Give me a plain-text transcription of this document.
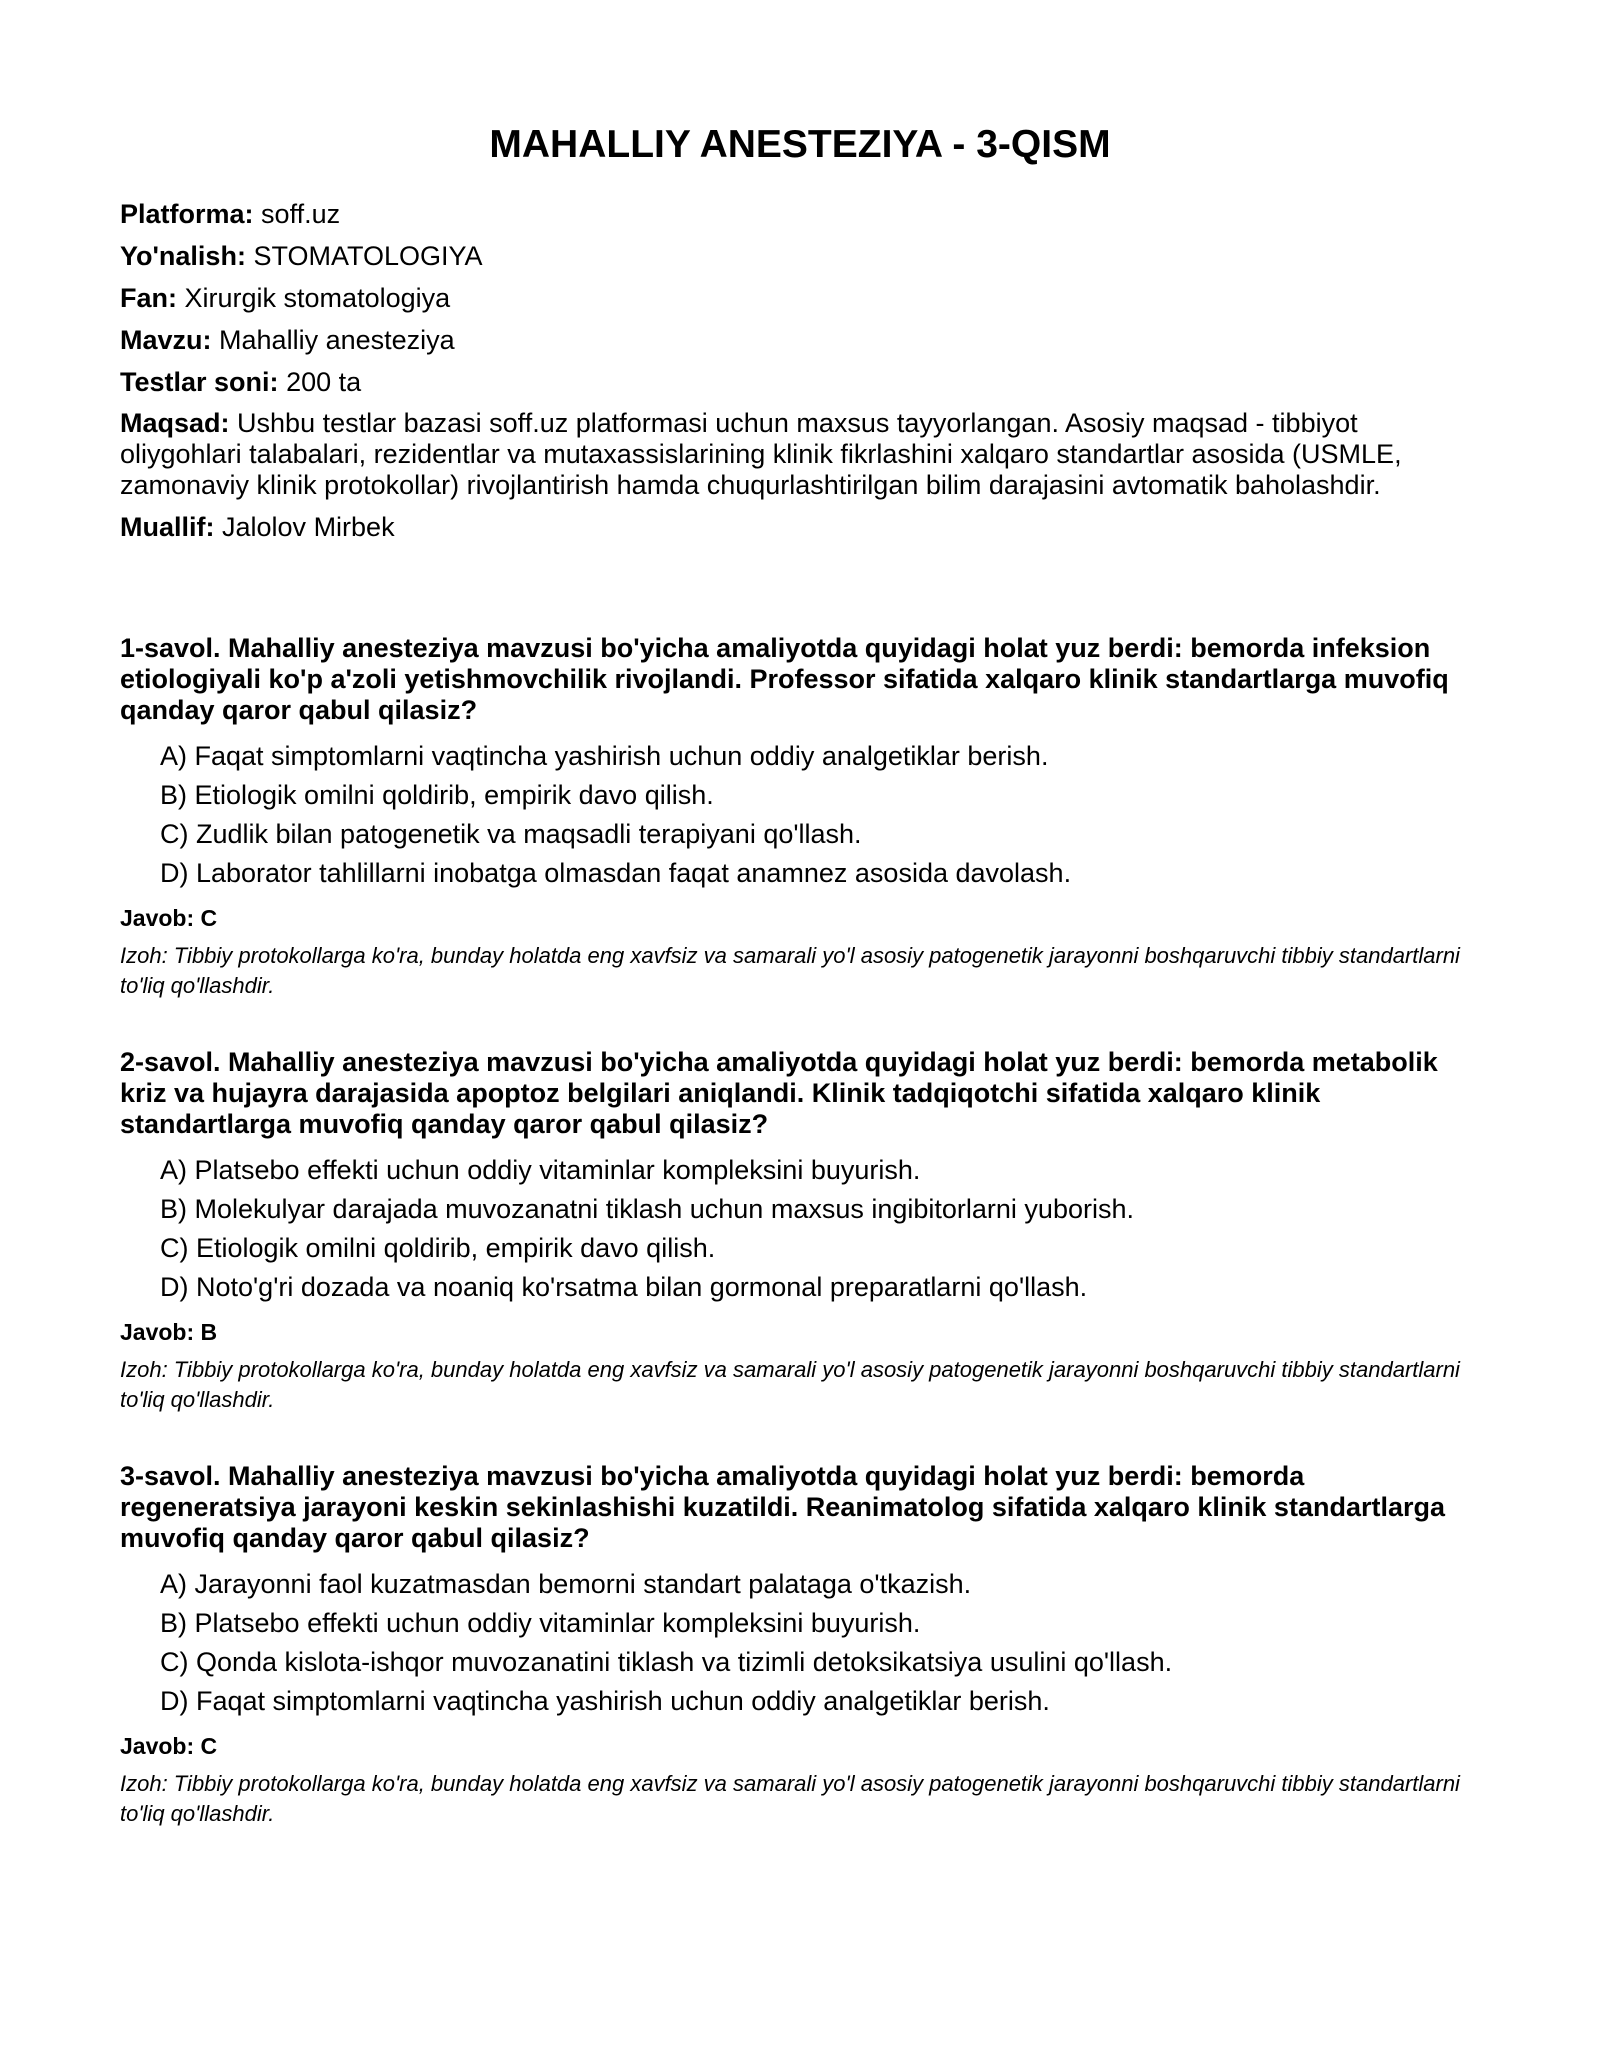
MAHALLIY ANESTEZIYA - 3-QISM

Platforma: soff.uz

Yo'nalish: STOMATOLOGIYA

Fan: Xirurgik stomatologiya

Mavzu: Mahalliy anesteziya

Testlar soni: 200 ta

Maqsad: Ushbu testlar bazasi soff.uz platformasi uchun maxsus tayyorlangan. Asosiy maqsad - tibbiyot oliygohlari talabalari, rezidentlar va mutaxassislarining klinik fikrlashini xalqaro standartlar asosida (USMLE, zamonaviy klinik protokollar) rivojlantirish hamda chuqurlashtirilgan bilim darajasini avtomatik baholashdir.

Muallif: Jalolov Mirbek

1-savol. Mahalliy anesteziya mavzusi bo'yicha amaliyotda quyidagi holat yuz berdi: bemorda infeksion etiologiyali ko'p a'zoli yetishmovchilik rivojlandi. Professor sifatida xalqaro klinik standartlarga muvofiq qanday qaror qabul qilasiz?

A) Faqat simptomlarni vaqtincha yashirish uchun oddiy analgetiklar berish.
B) Etiologik omilni qoldirib, empirik davo qilish.
C) Zudlik bilan patogenetik va maqsadli terapiyani qo'llash.
D) Laborator tahlillarni inobatga olmasdan faqat anamnez asosida davolash.

Javob: C

Izoh: Tibbiy protokollarga ko'ra, bunday holatda eng xavfsiz va samarali yo'l asosiy patogenetik jarayonni boshqaruvchi tibbiy standartlarni to'liq qo'llashdir.

2-savol. Mahalliy anesteziya mavzusi bo'yicha amaliyotda quyidagi holat yuz berdi: bemorda metabolik kriz va hujayra darajasida apoptoz belgilari aniqlandi. Klinik tadqiqotchi sifatida xalqaro klinik standartlarga muvofiq qanday qaror qabul qilasiz?

A) Platsebo effekti uchun oddiy vitaminlar kompleksini buyurish.
B) Molekulyar darajada muvozanatni tiklash uchun maxsus ingibitorlarni yuborish.
C) Etiologik omilni qoldirib, empirik davo qilish.
D) Noto'g'ri dozada va noaniq ko'rsatma bilan gormonal preparatlarni qo'llash.

Javob: B

Izoh: Tibbiy protokollarga ko'ra, bunday holatda eng xavfsiz va samarali yo'l asosiy patogenetik jarayonni boshqaruvchi tibbiy standartlarni to'liq qo'llashdir.

3-savol. Mahalliy anesteziya mavzusi bo'yicha amaliyotda quyidagi holat yuz berdi: bemorda regeneratsiya jarayoni keskin sekinlashishi kuzatildi. Reanimatolog sifatida xalqaro klinik standartlarga muvofiq qanday qaror qabul qilasiz?

A) Jarayonni faol kuzatmasdan bemorni standart palataga o'tkazish.
B) Platsebo effekti uchun oddiy vitaminlar kompleksini buyurish.
C) Qonda kislota-ishqor muvozanatini tiklash va tizimli detoksikatsiya usulini qo'llash.
D) Faqat simptomlarni vaqtincha yashirish uchun oddiy analgetiklar berish.

Javob: C

Izoh: Tibbiy protokollarga ko'ra, bunday holatda eng xavfsiz va samarali yo'l asosiy patogenetik jarayonni boshqaruvchi tibbiy standartlarni to'liq qo'llashdir.
